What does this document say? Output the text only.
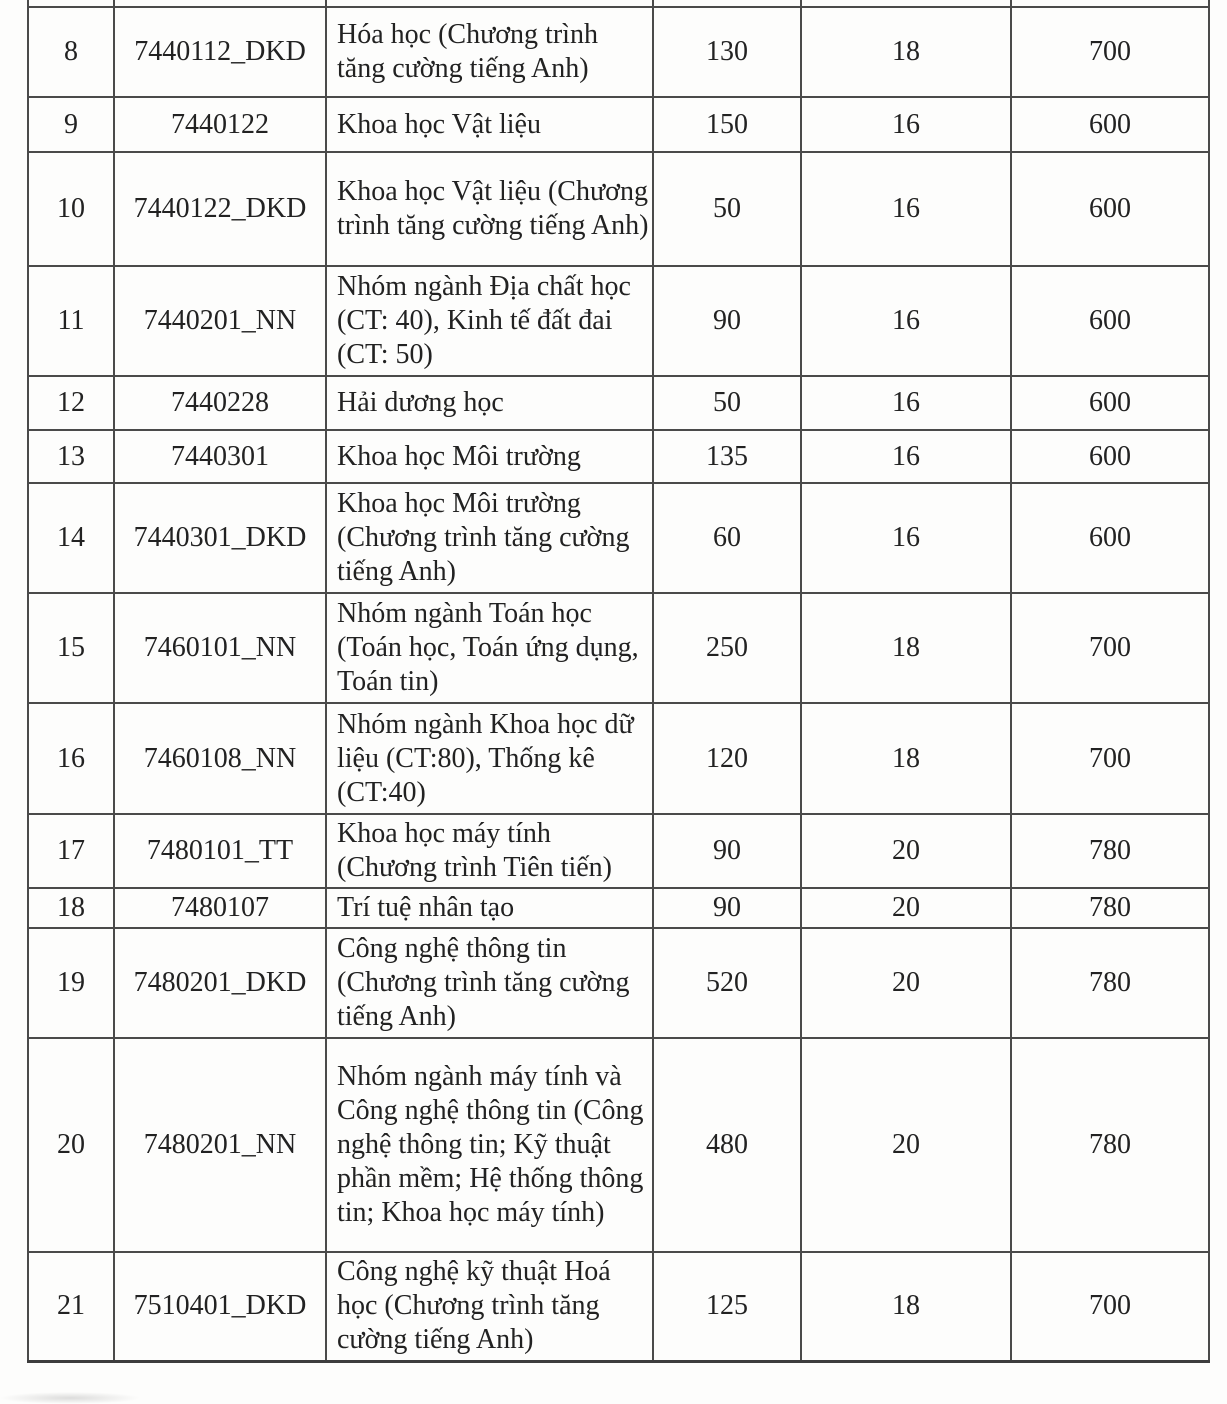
8	7440112_DKD	Hóa học (Chương trình tăng cường tiếng Anh)	130	18	700
9	7440122	Khoa học Vật liệu	150	16	600
10	7440122_DKD	Khoa học Vật liệu (Chương trình tăng cường tiếng Anh)	50	16	600
11	7440201_NN	Nhóm ngành Địa chất học (CT: 40), Kinh tế đất đai (CT: 50)	90	16	600
12	7440228	Hải dương học	50	16	600
13	7440301	Khoa học Môi trường	135	16	600
14	7440301_DKD	Khoa học Môi trường (Chương trình tăng cường tiếng Anh)	60	16	600
15	7460101_NN	Nhóm ngành Toán học (Toán học, Toán ứng dụng, Toán tin)	250	18	700
16	7460108_NN	Nhóm ngành Khoa học dữ liệu (CT:80), Thống kê (CT:40)	120	18	700
17	7480101_TT	Khoa học máy tính (Chương trình Tiên tiến)	90	20	780
18	7480107	Trí tuệ nhân tạo	90	20	780
19	7480201_DKD	Công nghệ thông tin (Chương trình tăng cường tiếng Anh)	520	20	780
20	7480201_NN	Nhóm ngành máy tính và Công nghệ thông tin (Công nghệ thông tin; Kỹ thuật phần mềm; Hệ thống thông tin; Khoa học máy tính)	480	20	780
21	7510401_DKD	Công nghệ kỹ thuật Hoá học (Chương trình tăng cường tiếng Anh)	125	18	700
